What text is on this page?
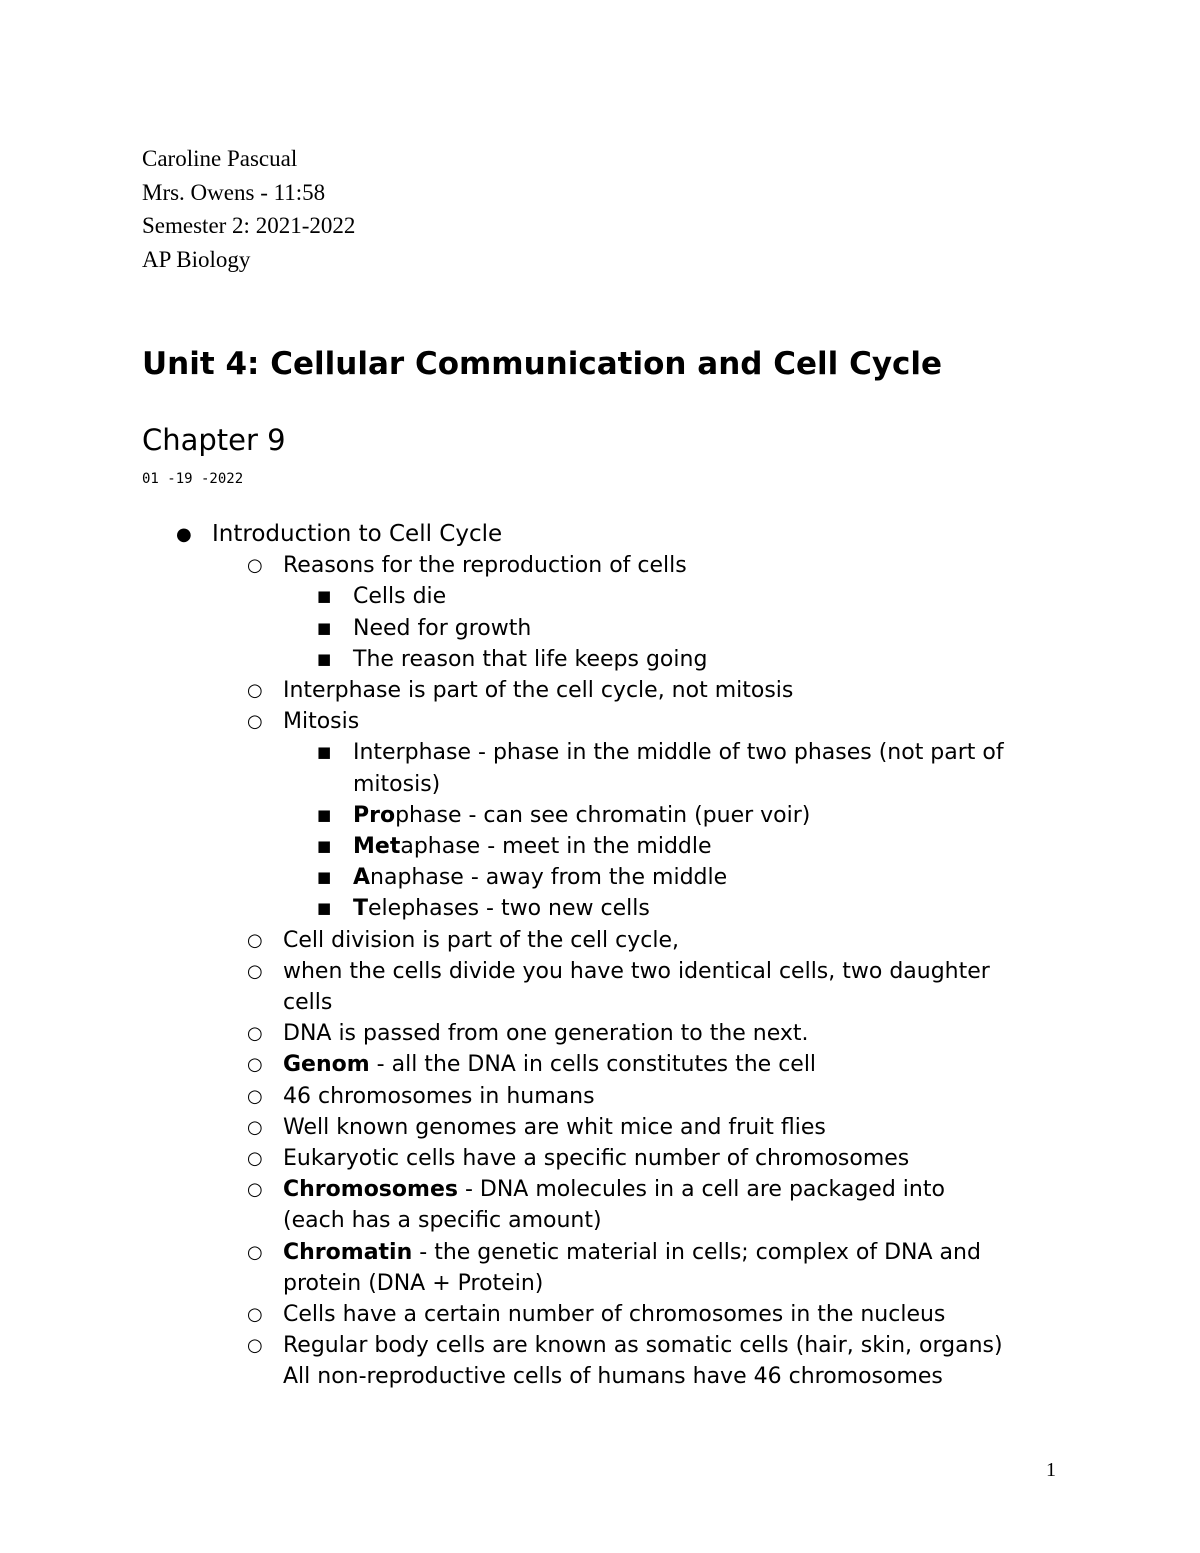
Caroline Pascual
Mrs. Owens - 11:58
Semester 2: 2021-2022
AP Biology
Unit 4: Cellular Communication and Cell Cycle
Chapter 9
01 -19 -2022
● Introduction to Cell Cycle
○ Reasons for the reproduction of cells
■ Cells die
■ Need for growth
■ The reason that life keeps going
○ Interphase is part of the cell cycle, not mitosis
○ Mitosis
■ Interphase - phase in the middle of two phases (not part of
mitosis)
■ Prophase - can see chromatin (puer voir)
■ Metaphase - meet in the middle
■ Anaphase - away from the middle
■ Telephases - two new cells
○ Cell division is part of the cell cycle,
○ when the cells divide you have two identical cells, two daughter
cells
○ DNA is passed from one generation to the next.
○ Genom - all the DNA in cells constitutes the cell
○ 46 chromosomes in humans
○ Well known genomes are whit mice and fruit flies
○ Eukaryotic cells have a specific number of chromosomes
○ Chromosomes - DNA molecules in a cell are packaged into
(each has a specific amount)
○ Chromatin - the genetic material in cells; complex of DNA and
protein (DNA + Protein)
○ Cells have a certain number of chromosomes in the nucleus
○ Regular body cells are known as somatic cells (hair, skin, organs)
All non-reproductive cells of humans have 46 chromosomes
1
